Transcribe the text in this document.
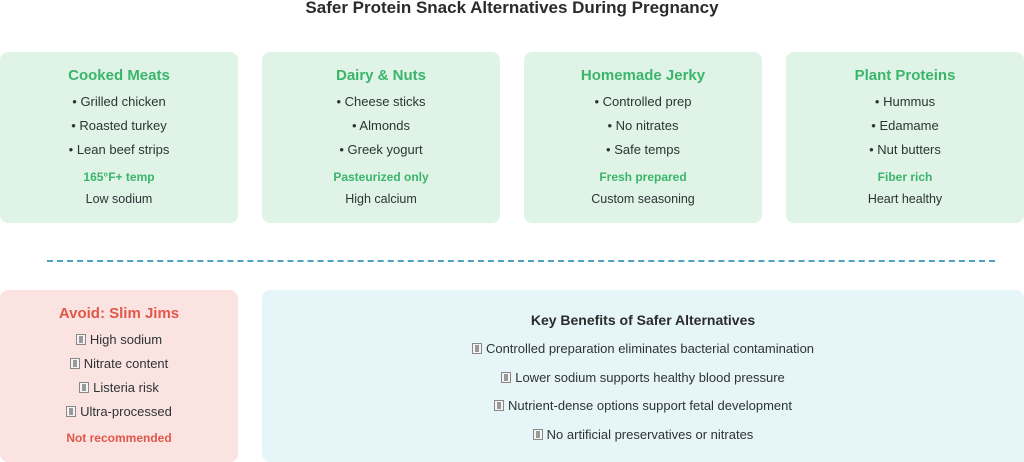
Safer Protein Snack Alternatives During Pregnancy
Cooked Meats
• Grilled chicken
• Roasted turkey
• Lean beef strips
165°F+ temp
Low sodium
Dairy & Nuts
• Cheese sticks
• Almonds
• Greek yogurt
Pasteurized only
High calcium
Homemade Jerky
• Controlled prep
• No nitrates
• Safe temps
Fresh prepared
Custom seasoning
Plant Proteins
• Hummus
• Edamame
• Nut butters
Fiber rich
Heart healthy
Avoid: Slim Jims
High sodium
Nitrate content
Listeria risk
Ultra-processed
Not recommended
Key Benefits of Safer Alternatives
Controlled preparation eliminates bacterial contamination
Lower sodium supports healthy blood pressure
Nutrient-dense options support fetal development
No artificial preservatives or nitrates
